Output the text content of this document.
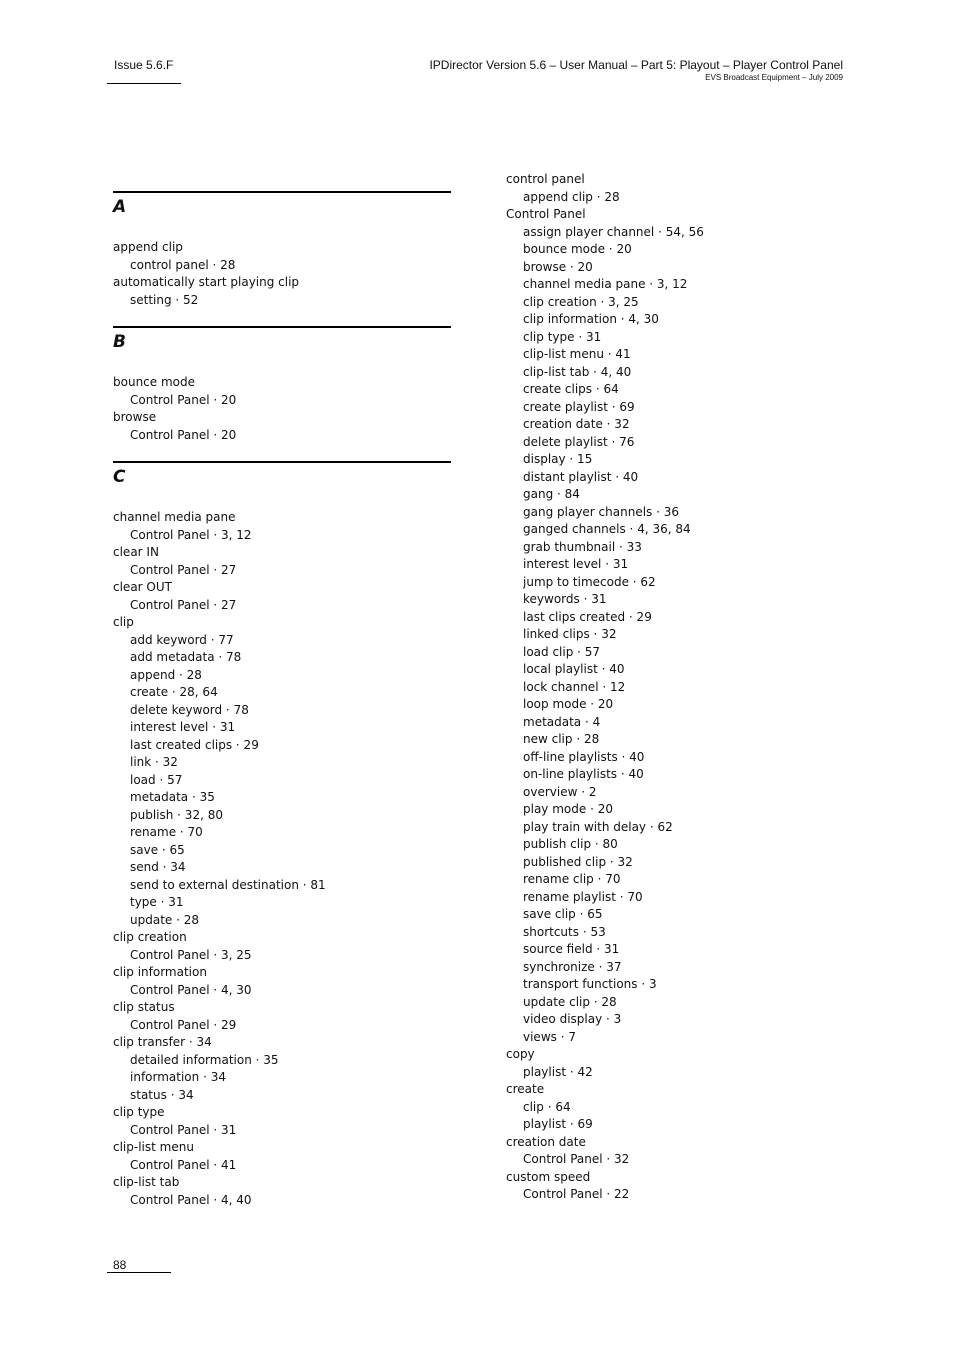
Issue 5.6.F	IPDirector Version 5.6 – User Manual – Part 5: Playout – Player Control Panel
EVS Broadcast Equipment – July 2009
A
append clip
control panel · 28
automatically start playing clip
setting · 52
B
bounce mode
Control Panel · 20
browse
Control Panel · 20
C
channel media pane
Control Panel · 3, 12
clear IN
Control Panel · 27
clear OUT
Control Panel · 27
clip
add keyword · 77
add metadata · 78
append · 28
create · 28, 64
delete keyword · 78
interest level · 31
last created clips · 29
link · 32
load · 57
metadata · 35
publish · 32, 80
rename · 70
save · 65
send · 34
send to external destination · 81
type · 31
update · 28
clip creation
Control Panel · 3, 25
clip information
Control Panel · 4, 30
clip status
Control Panel · 29
clip transfer · 34
detailed information · 35
information · 34
status · 34
clip type
Control Panel · 31
clip-list menu
Control Panel · 41
clip-list tab
Control Panel · 4, 40
control panel
append clip · 28
Control Panel
assign player channel · 54, 56
bounce mode · 20
browse · 20
channel media pane · 3, 12
clip creation · 3, 25
clip information · 4, 30
clip type · 31
clip-list menu · 41
clip-list tab · 4, 40
create clips · 64
create playlist · 69
creation date · 32
delete playlist · 76
display · 15
distant playlist · 40
gang · 84
gang player channels · 36
ganged channels · 4, 36, 84
grab thumbnail · 33
interest level · 31
jump to timecode · 62
keywords · 31
last clips created · 29
linked clips · 32
load clip · 57
local playlist · 40
lock channel · 12
loop mode · 20
metadata · 4
new clip · 28
off-line playlists · 40
on-line playlists · 40
overview · 2
play mode · 20
play train with delay · 62
publish clip · 80
published clip · 32
rename clip · 70
rename playlist · 70
save clip · 65
shortcuts · 53
source field · 31
synchronize · 37
transport functions · 3
update clip · 28
video display · 3
views · 7
copy
playlist · 42
create
clip · 64
playlist · 69
creation date
Control Panel · 32
custom speed
Control Panel · 22
88
